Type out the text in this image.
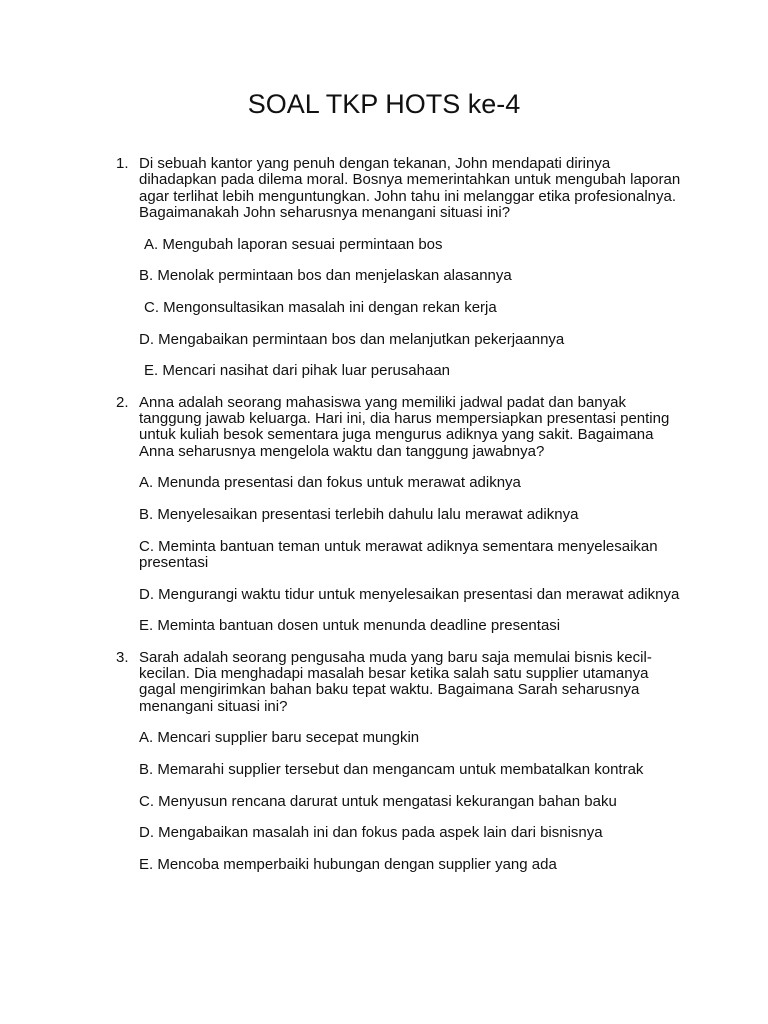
SOAL TKP HOTS ke-4
1. Di sebuah kantor yang penuh dengan tekanan, John mendapati dirinya dihadapkan pada dilema moral. Bosnya memerintahkan untuk mengubah laporan agar terlihat lebih menguntungkan. John tahu ini melanggar etika profesionalnya. Bagaimanakah John seharusnya menangani situasi ini?

A. Mengubah laporan sesuai permintaan bos
B. Menolak permintaan bos dan menjelaskan alasannya
C. Mengonsultasikan masalah ini dengan rekan kerja
D. Mengabaikan permintaan bos dan melanjutkan pekerjaannya
E. Mencari nasihat dari pihak luar perusahaan
2. Anna adalah seorang mahasiswa yang memiliki jadwal padat dan banyak tanggung jawab keluarga. Hari ini, dia harus mempersiapkan presentasi penting untuk kuliah besok sementara juga mengurus adiknya yang sakit. Bagaimana Anna seharusnya mengelola waktu dan tanggung jawabnya?

A. Menunda presentasi dan fokus untuk merawat adiknya
B. Menyelesaikan presentasi terlebih dahulu lalu merawat adiknya
C. Meminta bantuan teman untuk merawat adiknya sementara menyelesaikan presentasi
D. Mengurangi waktu tidur untuk menyelesaikan presentasi dan merawat adiknya
E. Meminta bantuan dosen untuk menunda deadline presentasi
3. Sarah adalah seorang pengusaha muda yang baru saja memulai bisnis kecil-kecilan. Dia menghadapi masalah besar ketika salah satu supplier utamanya gagal mengirimkan bahan baku tepat waktu. Bagaimana Sarah seharusnya menangani situasi ini?

A. Mencari supplier baru secepat mungkin
B. Memarahi supplier tersebut dan mengancam untuk membatalkan kontrak
C. Menyusun rencana darurat untuk mengatasi kekurangan bahan baku
D. Mengabaikan masalah ini dan fokus pada aspek lain dari bisnisnya
E. Mencoba memperbaiki hubungan dengan supplier yang ada
